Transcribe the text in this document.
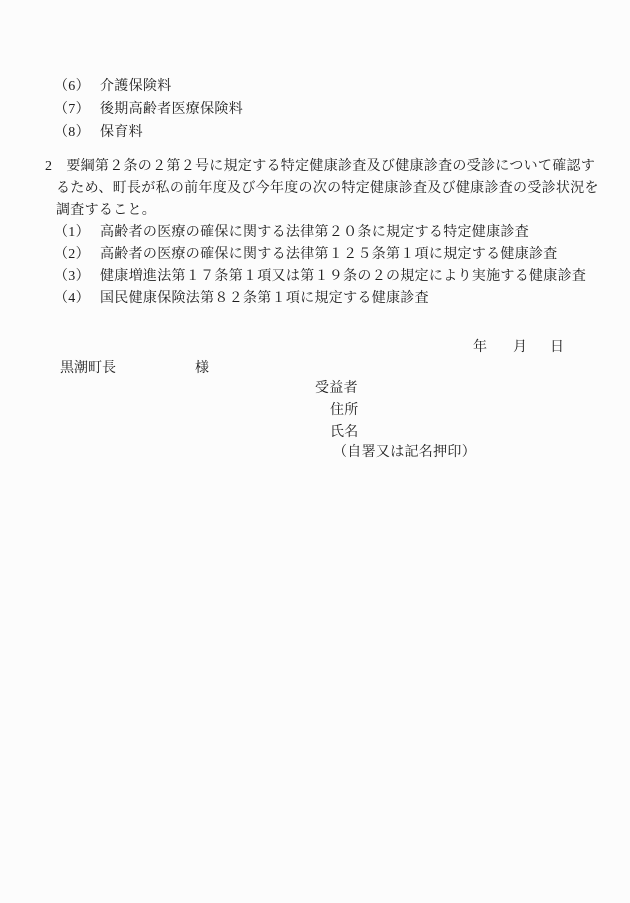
（6） 介護保険料
（7） 後期高齢者医療保険料
（8） 保育料
2 要綱第２条の２第２号に規定する特定健康診査及び健康診査の受診について確認す
るため、町長が私の前年度及び今年度の次の特定健康診査及び健康診査の受診状況を
調査すること。
（1） 高齢者の医療の確保に関する法律第２０条に規定する特定健康診査
（2） 高齢者の医療の確保に関する法律第１２５条第１項に規定する健康診査
（3） 健康増進法第１７条第１項又は第１９条の２の規定により実施する健康診査
（4） 国民健康保険法第８２条第１項に規定する健康診査
年 月 日
黒潮町長	様
受益者
住所
氏名
（自署又は記名押印）
